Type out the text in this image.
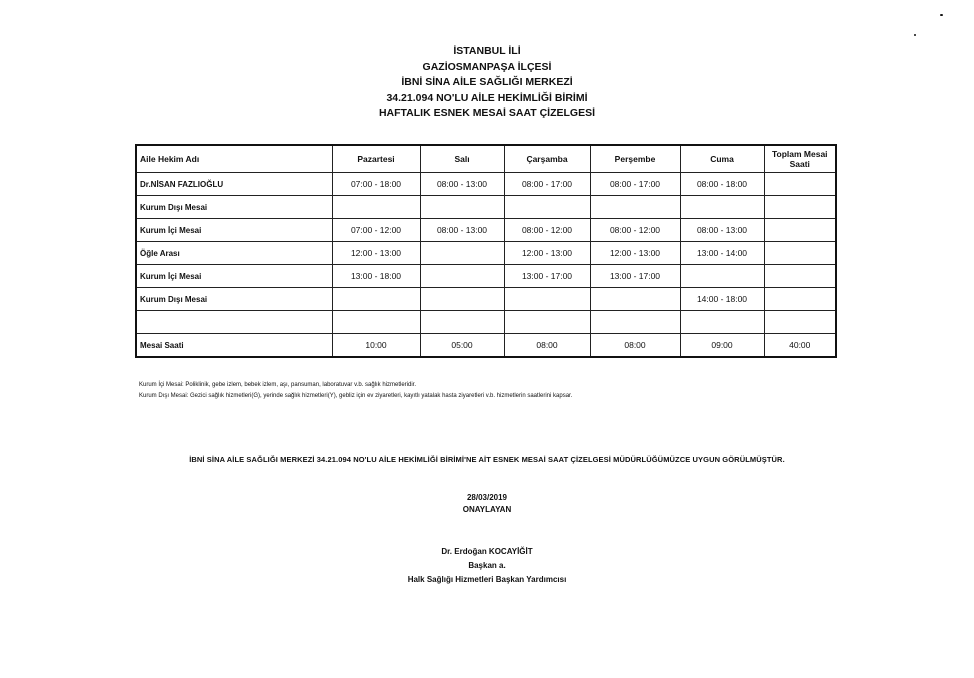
İSTANBUL İLİ
GAZİOSMANPAŞA İLÇESİ
İBNİ SİNA AİLE SAĞLIĞI MERKEZİ
34.21.094 NO'LU AİLE HEKİMLİĞİ BİRİMİ
HAFTALIK ESNEK MESAİ SAAT ÇİZELGESİ
Aile Hekim Adı	Pazartesi	Salı	Çarşamba	Perşembe	Cuma	Toplam Mesai Saati
Dr.NİSAN FAZLIOĞLU	07:00 - 18:00	08:00 - 13:00	08:00 - 17:00	08:00 - 17:00	08:00 - 18:00	
Kurum Dışı Mesai						
Kurum İçi Mesai	07:00 - 12:00	08:00 - 13:00	08:00 - 12:00	08:00 - 12:00	08:00 - 13:00	
Öğle Arası	12:00 - 13:00		12:00 - 13:00	12:00 - 13:00	13:00 - 14:00	
Kurum İçi Mesai	13:00 - 18:00		13:00 - 17:00	13:00 - 17:00		
Kurum Dışı Mesai					14:00 - 18:00	

Mesai Saati	10:00	05:00	08:00	08:00	09:00	40:00
Kurum İçi Mesai: Poliklinik, gebe izlem, bebek izlem, aşı, pansuman, laboratuvar v.b. sağlık hizmetleridir.
Kurum Dışı Mesai: Gezici sağlık hizmetleri(G), yerinde sağlık hizmetleri(Y), gebliz için ev ziyaretleri, kayıtlı yatalak hasta ziyaretleri v.b. hizmetlerin saatlerini kapsar.
İBNİ SİNA AİLE SAĞLIĞI MERKEZİ 34.21.094 NO'LU AİLE HEKİMLİĞİ BİRİMİ'NE AİT ESNEK MESAİ SAAT ÇİZELGESİ MÜDÜRLÜĞÜMÜZCE UYGUN GÖRÜLMÜŞTÜR.
28/03/2019
ONAYLAYAN
Dr. Erdoğan KOCAYİĞİT
Başkan a.
Halk Sağlığı Hizmetleri Başkan Yardımcısı
